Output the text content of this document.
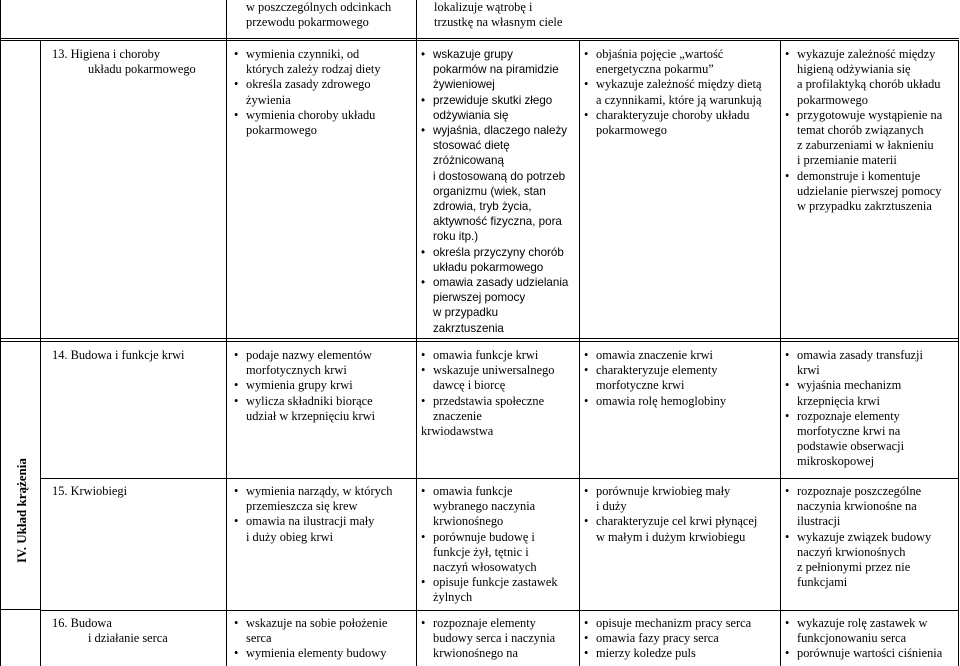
w poszczególnych odcinkach
przewodu pokarmowego
lokalizuje wątrobę i
trzustkę na własnym ciele
13. Higiena i choroby
układu pokarmowego
• wymienia czynniki, od
których zależy rodzaj diety
• określa zasady zdrowego
żywienia
• wymienia choroby układu
pokarmowego
• wskazuje grupy
pokarmów na piramidzie
żywieniowej
• przewiduje skutki złego
odżywiania się
• wyjaśnia, dlaczego należy
stosować dietę
zróżnicowaną
i dostosowaną do potrzeb
organizmu (wiek, stan
zdrowia, tryb życia,
aktywność fizyczna, pora
roku itp.)
• określa przyczyny chorób
układu pokarmowego
• omawia zasady udzielania
pierwszej pomocy
w przypadku
zakrztuszenia
• objaśnia pojęcie „wartość
energetyczna pokarmu”
• wykazuje zależność między dietą
a czynnikami, które ją warunkują
• charakteryzuje choroby układu
pokarmowego
• wykazuje zależność między
higieną odżywiania się
a profilaktyką chorób układu
pokarmowego
• przygotowuje wystąpienie na
temat chorób związanych
z zaburzeniami w łaknieniu
i przemianie materii
• demonstruje i komentuje
udzielanie pierwszej pomocy
w przypadku zakrztuszenia
IV. Układ krążenia
14. Budowa i funkcje krwi	• podaje nazwy elementów
morfotycznych krwi
• wymienia grupy krwi
• wylicza składniki biorące
udział w krzepnięciu krwi
• omawia funkcje krwi
• wskazuje uniwersalnego
dawcę i biorcę
• przedstawia społeczne
znaczenie
krwiodawstwa
• omawia znaczenie krwi
• charakteryzuje elementy
morfotyczne krwi
• omawia rolę hemoglobiny
• omawia zasady transfuzji
krwi
• wyjaśnia mechanizm
krzepnięcia krwi
• rozpoznaje elementy
morfotyczne krwi na
podstawie obserwacji
mikroskopowej
15. Krwiobiegi	• wymienia narządy, w których
przemieszcza się krew
• omawia na ilustracji mały
i duży obieg krwi
• omawia funkcje
wybranego naczynia
krwionośnego
• porównuje budowę i
funkcje żył, tętnic i
naczyń włosowatych
• opisuje funkcje zastawek
żylnych
• porównuje krwiobieg mały
i duży
• charakteryzuje cel krwi płynącej
w małym i dużym krwiobiegu
• rozpoznaje poszczególne
naczynia krwionośne na
ilustracji
• wykazuje związek budowy
naczyń krwionośnych
z pełnionymi przez nie
funkcjami
16. Budowa
i działanie serca
• wskazuje na sobie położenie
serca
• wymienia elementy budowy
• rozpoznaje elementy
budowy serca i naczynia
krwionośnego na
• opisuje mechanizm pracy serca
• omawia fazy pracy serca
• mierzy koledze puls
• wykazuje rolę zastawek w
funkcjonowaniu serca
• porównuje wartości ciśnienia
